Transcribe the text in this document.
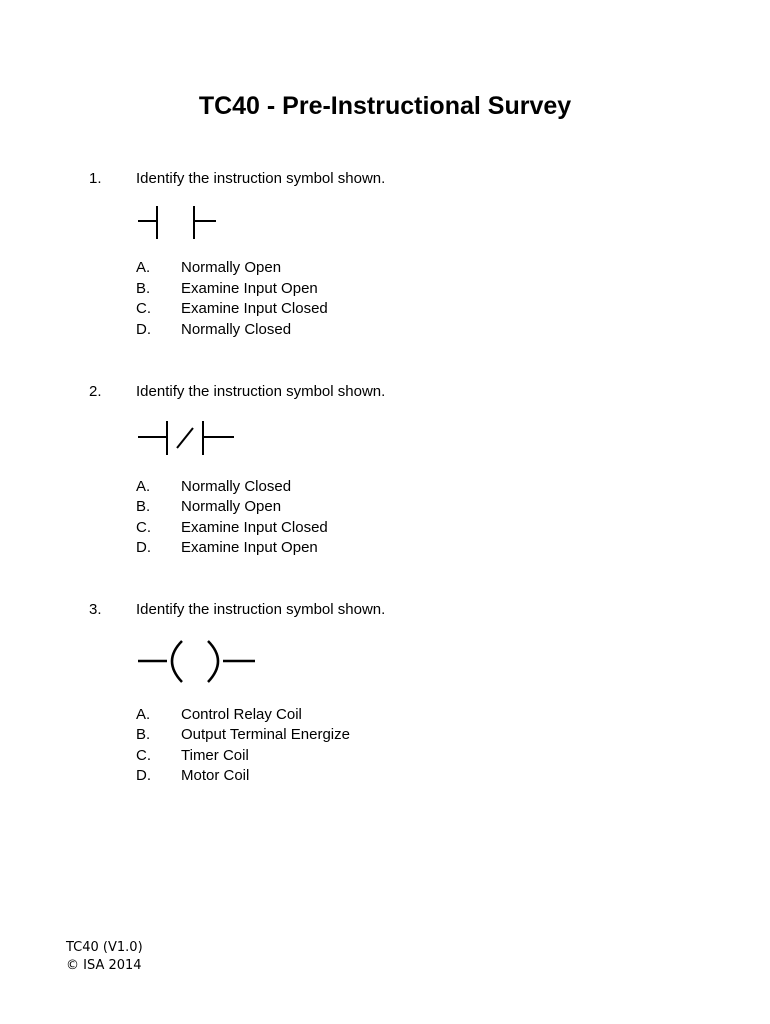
TC40 - Pre-Instructional Survey
1. Identify the instruction symbol shown.
A. Normally Open
B. Examine Input Open
C. Examine Input Closed
D. Normally Closed
2. Identify the instruction symbol shown.
A. Normally Closed
B. Normally Open
C. Examine Input Closed
D. Examine Input Open
3. Identify the instruction symbol shown.
A. Control Relay Coil
B. Output Terminal Energize
C. Timer Coil
D. Motor Coil
TC40 (V1.0)
© ISA 2014
